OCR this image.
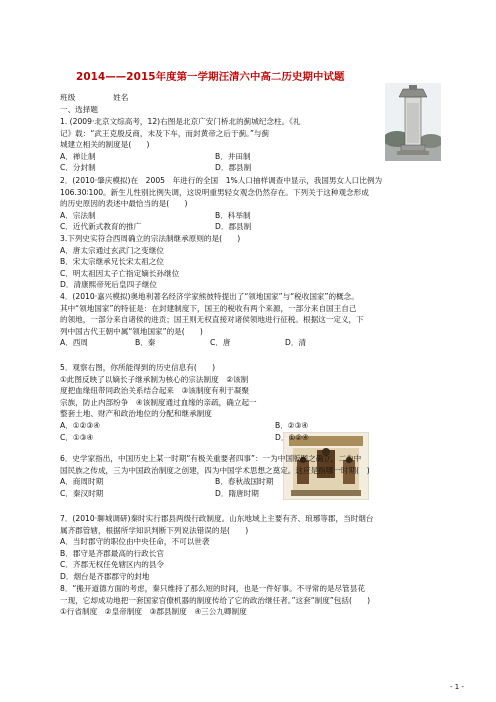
2014——2015年度第一学期汪清六中高二历史期中试题

班级　　　　　	姓名

一、选择题

1. (2009·北京文综高考，12)右图是北京广安门桥北的蓟城纪念柱。《礼

记》载：“武王克殷反商，未及下车，而封黄帝之后于蓟。”与蓟

城建立相关的制度是(　　)

A．禅让制	B．井田制
C．分封制	D．郡县制

2．(2010·肇庆模拟)在　2005　年进行的全国　1%人口抽样调查中显示，我国男女人口比例为

106.30∶100。新生儿性别比例失调，这说明重男轻女观念仍然存在。下列关于这种观念形成

的历史原因的表述中最恰当的是(　　)

A．宗法制	B．科举制
C．近代新式教育的推广	D．郡县制

3.下列史实符合西周确立的宗法制继承原则的是(　　)

A．唐太宗通过玄武门之变继位

B．宋太宗继承兄长宋太祖之位

C．明太祖因太子亡指定嫡长孙继位

D．清康熙帝死后皇四子继位

4．(2010·嘉兴模拟)奥地利著名经济学家熊彼特提出了“领地国家”与“税收国家”的概念。

其中“领地国家”的特征是：在封建制度下，国王的税收有两个来源，一部分来自国王自己

的领地，一部分来自诸侯的进贡；国王则无权直接对诸侯领地进行征税。根据这一定义，下

列中国古代王朝中属“领地国家”的是(　　)

A．西周	B．秦	C．唐	D．清

5．观察右图，你所能得到的历史信息有(　　)

①此图反映了以嫡长子继承制为核心的宗法制度　②该制

度把血缘纽带同政治关系结合起来　③该制度有利于凝聚

宗族，防止内部纷争　④该制度通过血缘的亲疏，确立起一

整套土地、财产和政治地位的分配和继承制度

A．①②③④	B．②③④
C．①③④	D．①②④

6．史学家指出，中国历史上某一时期“有极关重要者四事”：一为中国版图之确立，二为中

国民族之传成，三为中国政治制度之创建，四为中国学术思想之奠定。这应是指哪一时期(　)

A．商周时期	B．春秋战国时期
C．秦汉时期	D．隋唐时期

7．(2010·聊城调研)秦时实行郡县两级行政制度。山东地域上主要有齐、琅琊等郡，当时烟台

属齐郡管辖，根据所学知识判断下列说法错误的是(　　)

A．当时郡守的职位由中央任命，不可以世袭

B．郡守是齐郡最高的行政长官

C．齐郡无权任免辖区内的县令

D．烟台是齐郡郡守的封地

8．“搬开道德方面的考虑，秦只维持了那么短的时间，也是一件好事。不寻常的是尽管昙花

一现，它却成功地把一套国家官僚机器的制度传给了它的政治继任者。”这套“制度”包括(　　)

①行省制度　②皇帝制度　③郡县制度　④三公九卿制度

- 1 -
